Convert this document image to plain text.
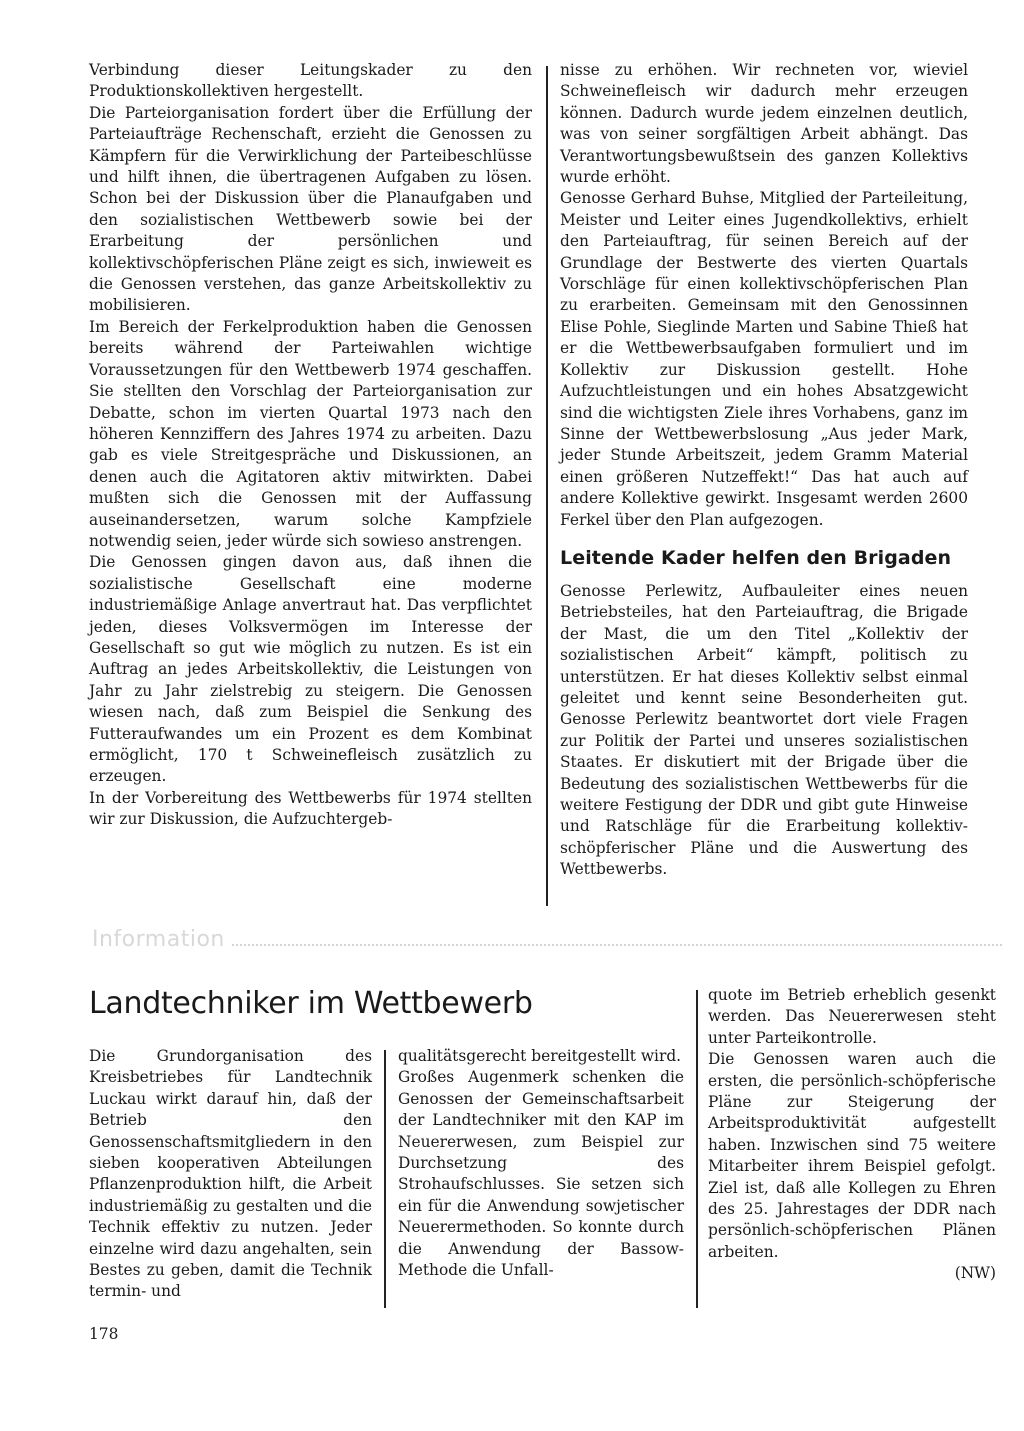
Verbindung dieser Leitungskader zu den Produktionskollektiven hergestellt.

Die Parteiorganisation fordert über die Erfüllung der Parteiaufträge Rechenschaft, erzieht die Genossen zu Kämpfern für die Verwirklichung der Parteibeschlüsse und hilft ihnen, die übertragenen Aufgaben zu lösen. Schon bei der Diskussion über die Planaufgaben und den sozialistischen Wettbewerb sowie bei der Erarbeitung der persönlichen und kollektivschöpferischen Pläne zeigt es sich, inwieweit es die Genossen verstehen, das ganze Arbeitskollektiv zu mobilisieren.

Im Bereich der Ferkelproduktion haben die Genossen bereits während der Parteiwahlen wichtige Voraussetzungen für den Wettbewerb 1974 geschaffen. Sie stellten den Vorschlag der Parteiorganisation zur Debatte, schon im vierten Quartal 1973 nach den höheren Kennziffern des Jahres 1974 zu arbeiten. Dazu gab es viele Streitgespräche und Diskussionen, an denen auch die Agitatoren aktiv mitwirkten. Dabei mußten sich die Genossen mit der Auffassung auseinandersetzen, warum solche Kampfziele notwendig seien, jeder würde sich sowieso anstrengen.

Die Genossen gingen davon aus, daß ihnen die sozialistische Gesellschaft eine moderne industriemäßige Anlage anvertraut hat. Das verpflichtet jeden, dieses Volksvermögen im Interesse der Gesellschaft so gut wie möglich zu nutzen. Es ist ein Auftrag an jedes Arbeitskollektiv, die Leistungen von Jahr zu Jahr zielstrebig zu steigern. Die Genossen wiesen nach, daß zum Beispiel die Senkung des Futteraufwandes um ein Prozent es dem Kombinat ermöglicht, 170 t Schweinefleisch zusätzlich zu erzeugen.

In der Vorbereitung des Wettbewerbs für 1974 stellten wir zur Diskussion, die Aufzuchtergeb-

nisse zu erhöhen. Wir rechneten vor, wieviel Schweinefleisch wir dadurch mehr erzeugen können. Dadurch wurde jedem einzelnen deutlich, was von seiner sorgfältigen Arbeit abhängt. Das Verantwortungsbewußtsein des ganzen Kollektivs wurde erhöht.

Genosse Gerhard Buhse, Mitglied der Parteileitung, Meister und Leiter eines Jugendkollektivs, erhielt den Parteiauftrag, für seinen Bereich auf der Grundlage der Bestwerte des vierten Quartals Vorschläge für einen kollektivschöpferischen Plan zu erarbeiten. Gemeinsam mit den Genossinnen Elise Pohle, Sieglinde Marten und Sabine Thieß hat er die Wettbewerbsaufgaben formuliert und im Kollektiv zur Diskussion gestellt. Hohe Aufzuchtleistungen und ein hohes Absatzgewicht sind die wichtigsten Ziele ihres Vorhabens, ganz im Sinne der Wettbewerbslosung „Aus jeder Mark, jeder Stunde Arbeitszeit, jedem Gramm Material einen größeren Nutzeffekt!“ Das hat auch auf andere Kollektive gewirkt. Insgesamt werden 2600 Ferkel über den Plan aufgezogen.

Leitende Kader helfen den Brigaden

Genosse Perlewitz, Aufbauleiter eines neuen Betriebsteiles, hat den Parteiauftrag, die Brigade der Mast, die um den Titel „Kollektiv der sozialistischen Arbeit“ kämpft, politisch zu unterstützen. Er hat dieses Kollektiv selbst einmal geleitet und kennt seine Besonderheiten gut. Genosse Perlewitz beantwortet dort viele Fragen zur Politik der Partei und unseres sozialistischen Staates. Er diskutiert mit der Brigade über die Bedeutung des sozialistischen Wettbewerbs für die weitere Festigung der DDR und gibt gute Hinweise und Ratschläge für die Erarbeitung kollektiv-schöpferischer Pläne und die Auswertung des Wettbewerbs.

Information
Landtechniker im Wettbewerb

Die Grundorganisation des Kreisbetriebes für Landtechnik Luckau wirkt darauf hin, daß der Betrieb den Genossenschaftsmitgliedern in den sieben kooperativen Abteilungen Pflanzenproduktion hilft, die Arbeit industriemäßig zu gestalten und die Technik effektiv zu nutzen. Jeder einzelne wird dazu angehalten, sein Bestes zu geben, damit die Technik termin- und

qualitätsgerecht bereitgestellt wird.

Großes Augenmerk schenken die Genossen der Gemeinschaftsarbeit der Landtechniker mit den KAP im Neuererwesen, zum Beispiel zur Durchsetzung des Strohaufschlusses. Sie setzen sich ein für die Anwendung sowjetischer Neuerermethoden. So konnte durch die Anwendung der Bassow-Methode die Unfall-

quote im Betrieb erheblich gesenkt werden. Das Neuererwesen steht unter Parteikontrolle.

Die Genossen waren auch die ersten, die persönlich-schöpferische Pläne zur Steigerung der Arbeitsproduktivität aufgestellt haben. Inzwischen sind 75 weitere Mitarbeiter ihrem Beispiel gefolgt. Ziel ist, daß alle Kollegen zu Ehren des 25. Jahrestages der DDR nach persönlich-schöpferischen Plänen arbeiten.

(NW)

178
